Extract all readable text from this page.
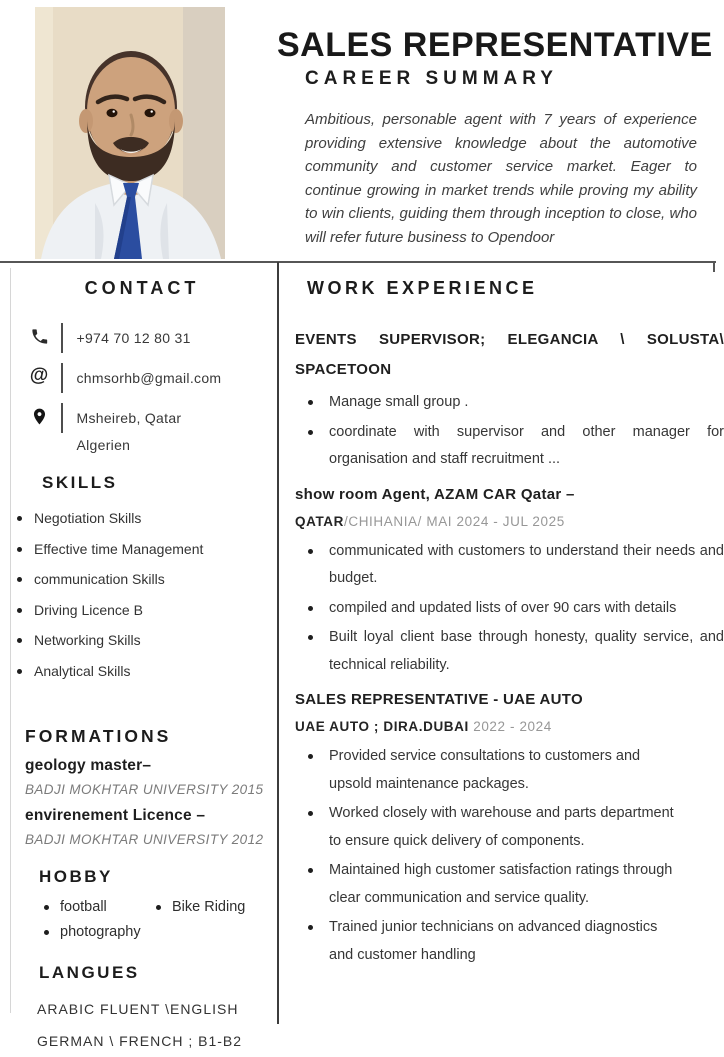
SALES REPRESENTATIVE
CAREER SUMMARY
Ambitious, personable agent with 7 years of experience providing extensive knowledge about the automotive community and customer service market. Eager to continue growing in market trends while proving my ability to win clients, guiding them through inception to close, who will refer future business to Opendoor
CONTACT
+974 70 12 80 31
@ chmsorhb@gmail.com
Msheireb, Qatar
Algerien
SKILLS
Negotiation Skills
Effective time Management
communication Skills
Driving Licence B
Networking Skills
Analytical Skills
FORMATIONS
geology master–
BADJI MOKHTAR UNIVERSITY 2015
envirenement Licence –
BADJI MOKHTAR UNIVERSITY 2012
HOBBY
football
photography
Bike Riding
LANGUES
ARABIC FLUENT \ENGLISH
GERMAN \ FRENCH ; B1-B2
WORK EXPERIENCE
EVENTS SUPERVISOR; ELEGANCIA \ SOLUSTA\ SPACETOON
Manage small group .
coordinate with supervisor and other manager for organisation and staff recruitment ...
show room Agent, AZAM CAR Qatar –
QATAR/CHIHANIA/ MAI 2024 - JUL 2025
communicated with customers to understand their needs and budget.
compiled and updated lists of over 90 cars with details
Built loyal client base through honesty, quality service, and technical reliability.
SALES REPRESENTATIVE - UAE AUTO
UAE AUTO ; DIRA.DUBAI 2022 - 2024
Provided service consultations to customers and upsold maintenance packages.
Worked closely with warehouse and parts department to ensure quick delivery of components.
Maintained high customer satisfaction ratings through clear communication and service quality.
Trained junior technicians on advanced diagnostics and customer handling
